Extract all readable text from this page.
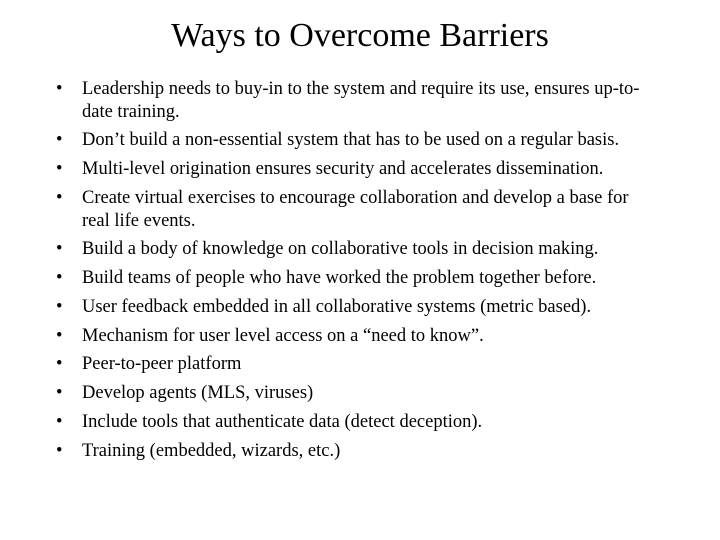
Ways to Overcome Barriers
•	Leadership needs to buy-in to the system and require its use, ensures up-to-date training.
•	Don’t build a non-essential system that has to be used on a regular basis.
•	Multi-level origination ensures security and accelerates dissemination.
•	Create virtual exercises to encourage collaboration and develop a base for real life events.
•	Build a body of knowledge on collaborative tools in decision making.
•	Build teams of people who have worked the problem together before.
•	User feedback embedded in all collaborative systems (metric based).
•	Mechanism for user level access on a “need to know”.
•	Peer-to-peer platform
•	Develop agents (MLS, viruses)
•	Include tools that authenticate data (detect deception).
•	Training (embedded, wizards, etc.)
